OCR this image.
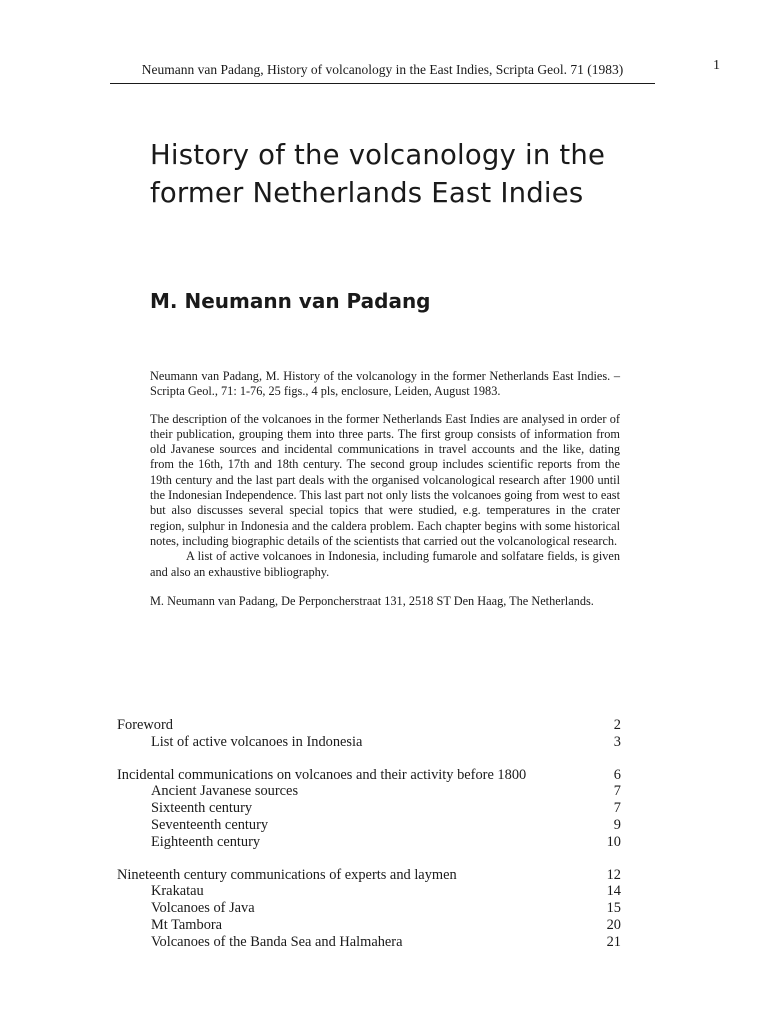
Neumann van Padang, History of volcanology in the East Indies, Scripta Geol. 71 (1983)	1
History of the volcanology in the
former Netherlands East Indies
M. Neumann van Padang

Neumann van Padang, M. History of the volcanology in the former Netherlands East Indies. – Scripta Geol., 71: 1-76, 25 figs., 4 pls, enclosure, Leiden, August 1983.

The description of the volcanoes in the former Netherlands East Indies are analysed in order of their publication, grouping them into three parts. The first group consists of information from old Javanese sources and incidental communications in travel accounts and the like, dating from the 16th, 17th and 18th century. The second group includes scientific reports from the 19th century and the last part deals with the organised volcanological research after 1900 until the Indonesian Independence. This last part not only lists the volcanoes going from west to east but also discusses several special topics that were studied, e.g. temperatures in the crater region, sulphur in Indonesia and the caldera problem. Each chapter begins with some historical notes, including biographic details of the scientists that carried out the volcanological research.

A list of active volcanoes in Indonesia, including fumarole and solfatare fields, is given and also an exhaustive bibliography.

M. Neumann van Padang, De Perponcherstraat 131, 2518 ST Den Haag, The Netherlands.

Foreword	2
List of active volcanoes in Indonesia	3
Incidental communications on volcanoes and their activity before 1800	6
Ancient Javanese sources	7
Sixteenth century	7
Seventeenth century	9
Eighteenth century	10
Nineteenth century communications of experts and laymen	12
Krakatau	14
Volcanoes of Java	15
Mt Tambora	20
Volcanoes of the Banda Sea and Halmahera	21
